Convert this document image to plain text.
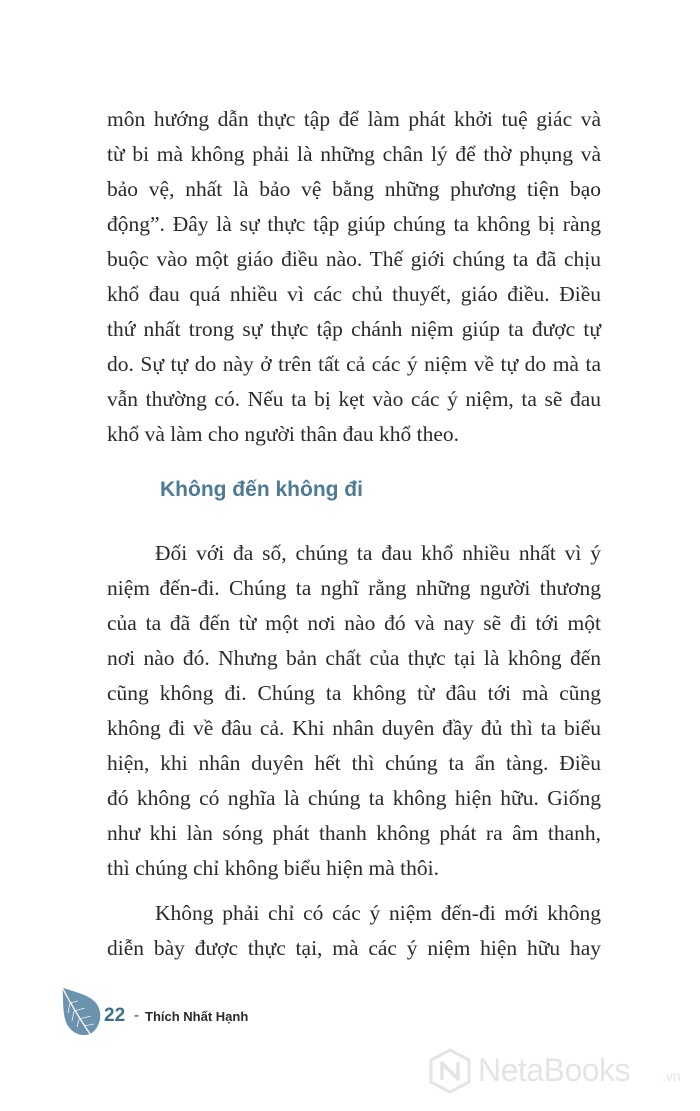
môn hướng dẫn thực tập để làm phát khởi tuệ giác và
từ bi mà không phải là những chân lý để thờ phụng và
bảo vệ, nhất là bảo vệ bằng những phương tiện bạo
động”. Đây là sự thực tập giúp chúng ta không bị ràng
buộc vào một giáo điều nào. Thế giới chúng ta đã chịu
khổ đau quá nhiều vì các chủ thuyết, giáo điều. Điều
thứ nhất trong sự thực tập chánh niệm giúp ta được tự
do. Sự tự do này ở trên tất cả các ý niệm về tự do mà ta
vẫn thường có. Nếu ta bị kẹt vào các ý niệm, ta sẽ đau
khổ và làm cho người thân đau khổ theo.
Không đến không đi
Đối với đa số, chúng ta đau khổ nhiều nhất vì ý
niệm đến-đi. Chúng ta nghĩ rằng những người thương
của ta đã đến từ một nơi nào đó và nay sẽ đi tới một
nơi nào đó. Nhưng bản chất của thực tại là không đến
cũng không đi. Chúng ta không từ đâu tới mà cũng
không đi về đâu cả. Khi nhân duyên đầy đủ thì ta biểu
hiện, khi nhân duyên hết thì chúng ta ẩn tàng. Điều
đó không có nghĩa là chúng ta không hiện hữu. Giống
như khi làn sóng phát thanh không phát ra âm thanh,
thì chúng chỉ không biểu hiện mà thôi.
Không phải chỉ có các ý niệm đến-đi mới không
diễn bày được thực tại, mà các ý niệm hiện hữu hay
22 - Thích Nhất Hạnh
NetaBooks .vn
